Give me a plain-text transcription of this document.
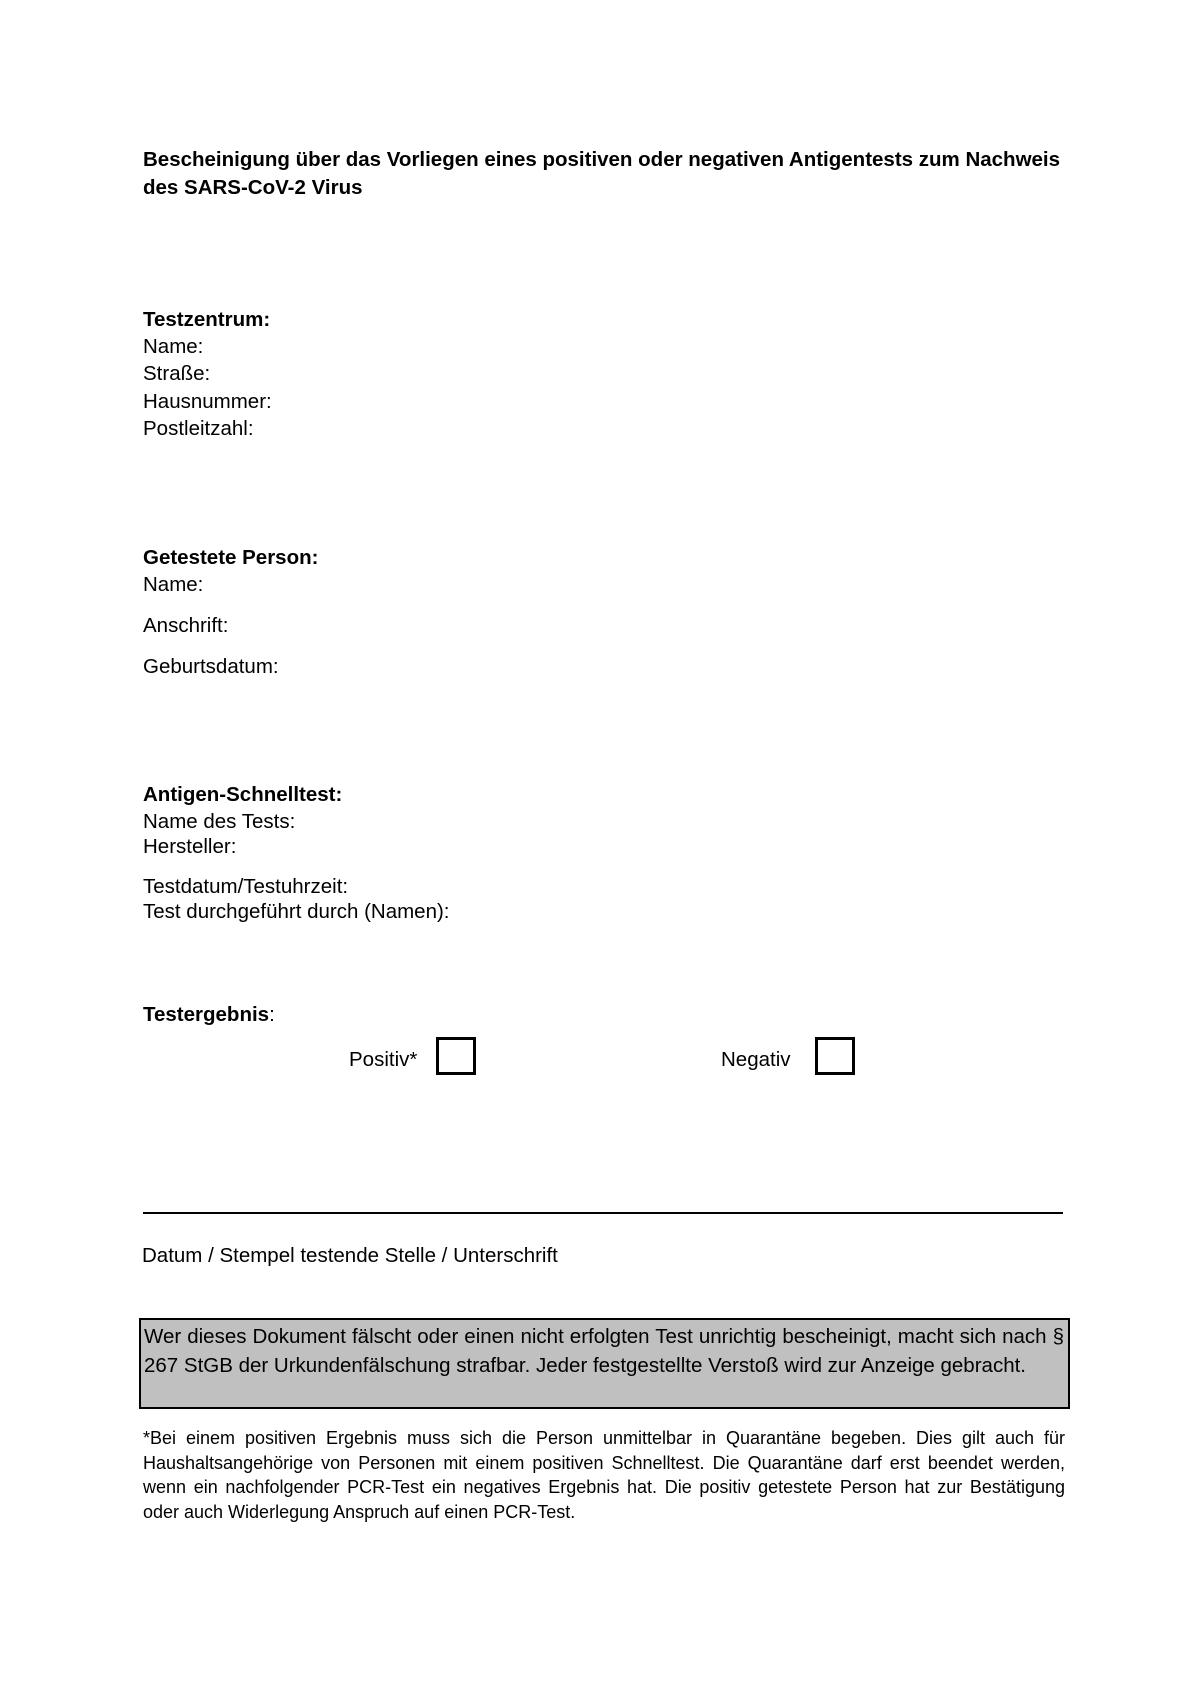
Bescheinigung über das Vorliegen eines positiven oder negativen Antigentests zum Nachweis des SARS-CoV-2 Virus
Testzentrum:
Name:
Straße:
Hausnummer:
Postleitzahl:
Getestete Person:
Name:
Anschrift:
Geburtsdatum:
Antigen-Schnelltest:
Name des Tests:
Hersteller:
Testdatum/Testuhrzeit:
Test durchgeführt durch (Namen):
Testergebnis:
Positiv*	Negativ
Datum / Stempel testende Stelle / Unterschrift
Wer dieses Dokument fälscht oder einen nicht erfolgten Test unrichtig bescheinigt, macht sich nach § 267 StGB der Urkundenfälschung strafbar. Jeder festgestellte Verstoß wird zur Anzeige gebracht.
*Bei einem positiven Ergebnis muss sich die Person unmittelbar in Quarantäne begeben. Dies gilt auch für Haushaltsangehörige von Personen mit einem positiven Schnelltest. Die Quarantäne darf erst beendet werden, wenn ein nachfolgender PCR-Test ein negatives Ergebnis hat. Die positiv getestete Person hat zur Bestätigung oder auch Widerlegung Anspruch auf einen PCR-Test.
